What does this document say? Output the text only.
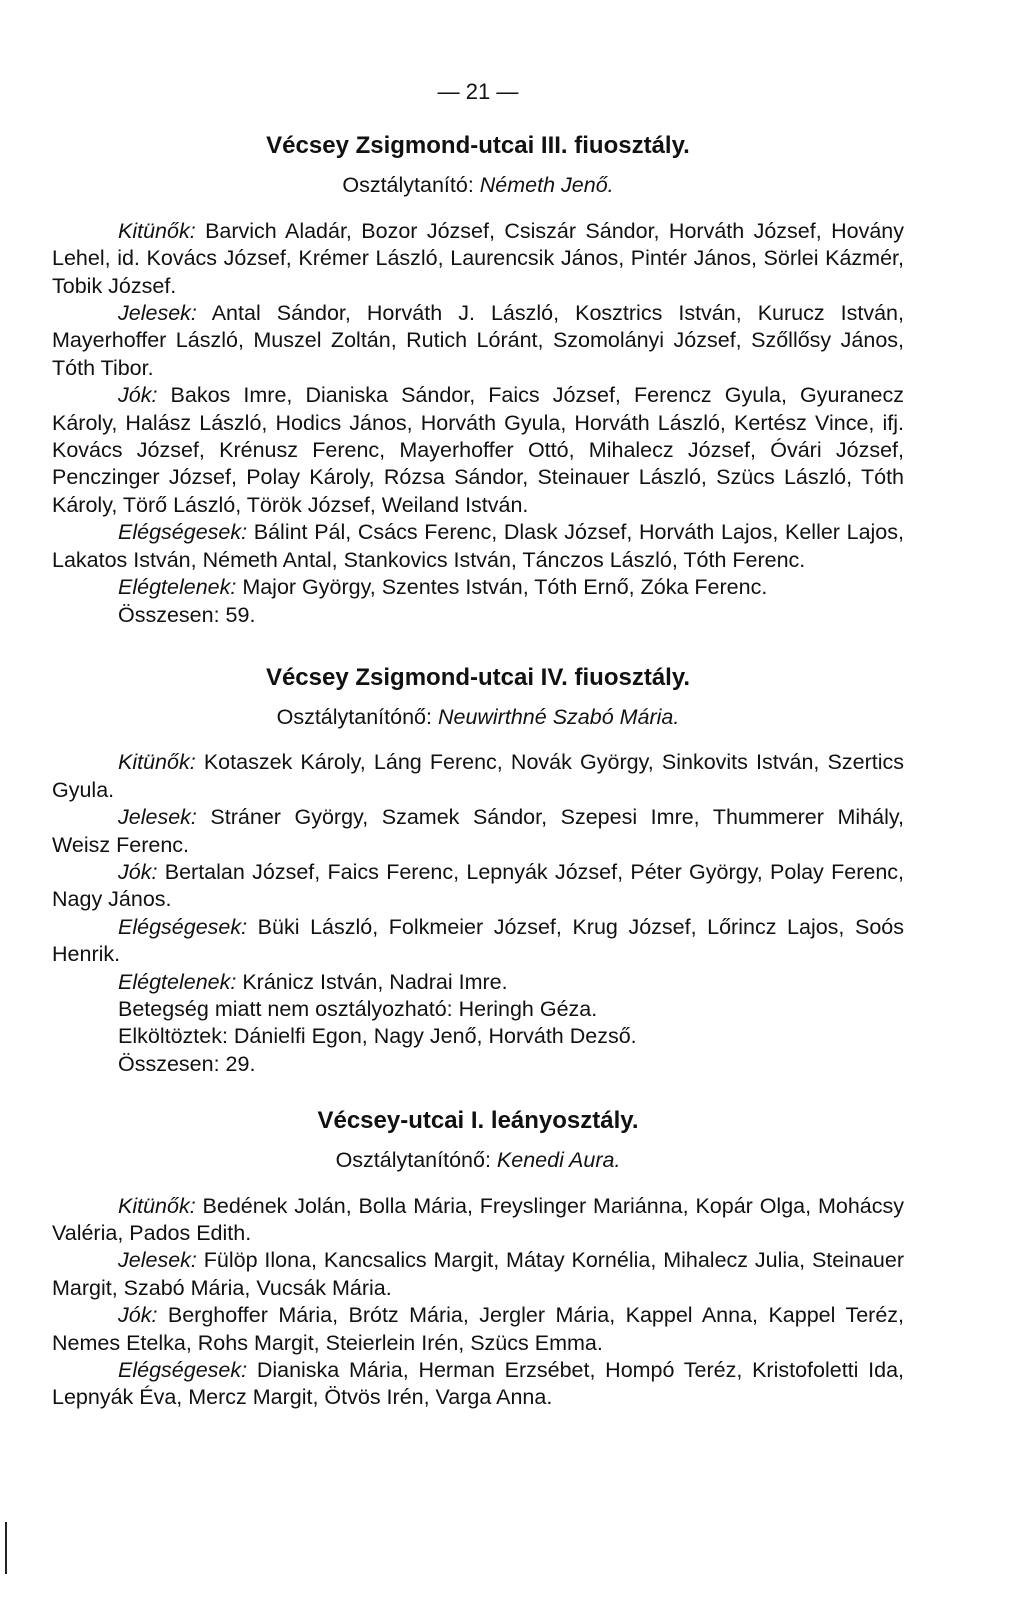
— 21 —
Vécsey Zsigmond-utcai III. fiuosztály.
Osztálytanító: Németh Jenő.

Kitünők: Barvich Aladár, Bozor József, Csiszár Sándor, Horváth József, Hovány Lehel, id. Kovács József, Krémer László, Laurencsik János, Pintér János, Sörlei Kázmér, Tobik József.

Jelesek: Antal Sándor, Horváth J. László, Kosztrics István, Kurucz István, Mayerhoffer László, Muszel Zoltán, Rutich Lóránt, Szomolányi József, Szőllősy János, Tóth Tibor.

Jók: Bakos Imre, Dianiska Sándor, Faics József, Ferencz Gyula, Gyuranecz Károly, Halász László, Hodics János, Horváth Gyula, Horváth László, Kertész Vince, ifj. Kovács József, Krénusz Ferenc, Mayerhoffer Ottó, Mihalecz József, Óvári József, Penczinger József, Polay Károly, Rózsa Sándor, Steinauer László, Szücs László, Tóth Károly, Törő László, Török József, Weiland István.

Elégségesek: Bálint Pál, Csács Ferenc, Dlask József, Horváth Lajos, Keller Lajos, Lakatos István, Németh Antal, Stankovics István, Tánczos László, Tóth Ferenc.

Elégtelenek: Major György, Szentes István, Tóth Ernő, Zóka Ferenc.

Összesen: 59.

Vécsey Zsigmond-utcai IV. fiuosztály.
Osztálytanítónő: Neuwirthné Szabó Mária.

Kitünők: Kotaszek Károly, Láng Ferenc, Novák György, Sinkovits István, Szertics Gyula.

Jelesek: Stráner György, Szamek Sándor, Szepesi Imre, Thummerer Mihály, Weisz Ferenc.

Jók: Bertalan József, Faics Ferenc, Lepnyák József, Péter György, Polay Ferenc, Nagy János.

Elégségesek: Büki László, Folkmeier József, Krug József, Lőrincz Lajos, Soós Henrik.

Elégtelenek: Kránicz István, Nadrai Imre.

Betegség miatt nem osztályozható: Heringh Géza.

Elköltöztek: Dánielfi Egon, Nagy Jenő, Horváth Dezső.

Összesen: 29.

Vécsey-utcai I. leányosztály.
Osztálytanítónő: Kenedi Aura.

Kitünők: Bedének Jolán, Bolla Mária, Freyslinger Mariánna, Kopár Olga, Mohácsy Valéria, Pados Edith.

Jelesek: Fülöp Ilona, Kancsalics Margit, Mátay Kornélia, Mihalecz Julia, Steinauer Margit, Szabó Mária, Vucsák Mária.

Jók: Berghoffer Mária, Brótz Mária, Jergler Mária, Kappel Anna, Kappel Teréz, Nemes Etelka, Rohs Margit, Steierlein Irén, Szücs Emma.

Elégségesek: Dianiska Mária, Herman Erzsébet, Hompó Teréz, Kristofoletti Ida, Lepnyák Éva, Mercz Margit, Ötvös Irén, Varga Anna.
